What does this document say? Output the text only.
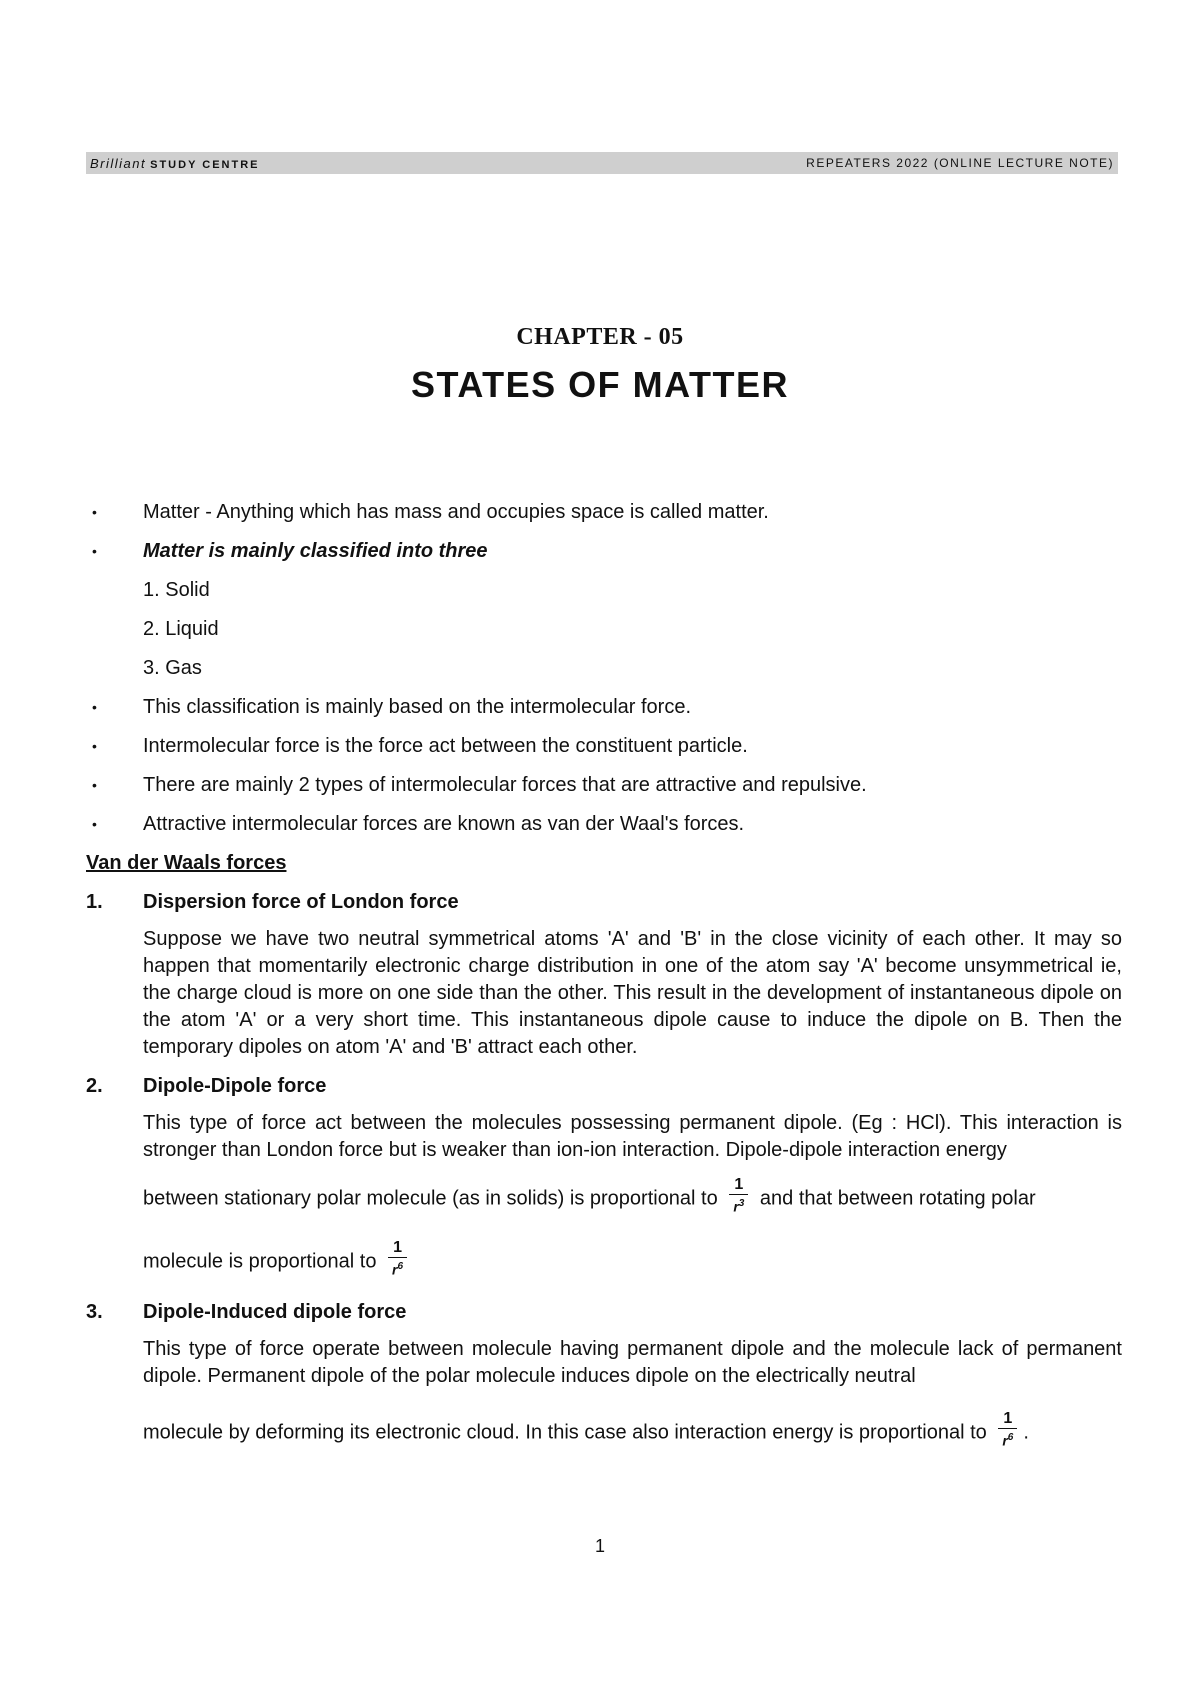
Brilliant STUDY CENTRE	REPEATERS 2022 (ONLINE LECTURE NOTE)
CHAPTER - 05
STATES OF MATTER
•	Matter - Anything which has mass and occupies space is called matter.
•	Matter is mainly classified into three
1. Solid
2. Liquid
3. Gas
•	This classification is mainly based on the intermolecular force.
•	Intermolecular force is the force act between the constituent particle.
•	There are mainly 2 types of intermolecular forces that are attractive and repulsive.
•	Attractive intermolecular forces are known as van der Waal's forces.
Van der Waals forces
1.	Dispersion force of London force
Suppose we have two neutral symmetrical atoms 'A' and 'B' in the close vicinity of each other. It may so happen that momentarily electronic charge distribution in one of the atom say 'A' become unsymmetrical ie, the charge cloud is more on one side than the other. This result in the development of instantaneous dipole on the atom 'A' or a very short time. This instantaneous dipole cause to induce the dipole on B. Then the temporary dipoles on atom 'A' and 'B' attract each other.
2.	Dipole-Dipole force
This type of force act between the molecules possessing permanent dipole. (Eg : HCl). This interaction is stronger than London force but is weaker than ion-ion interaction. Dipole-dipole interaction energy
between stationary polar molecule (as in solids) is proportional to $\frac{1}{r^3}$ and that between rotating polar
molecule is proportional to $\frac{1}{r^6}$
3.	Dipole-Induced dipole force
This type of force operate between molecule having permanent dipole and the molecule lack of permanent dipole. Permanent dipole of the polar molecule induces dipole on the electrically neutral
molecule by deforming its electronic cloud. In this case also interaction energy is proportional to $\frac{1}{r^6}$ .
1
